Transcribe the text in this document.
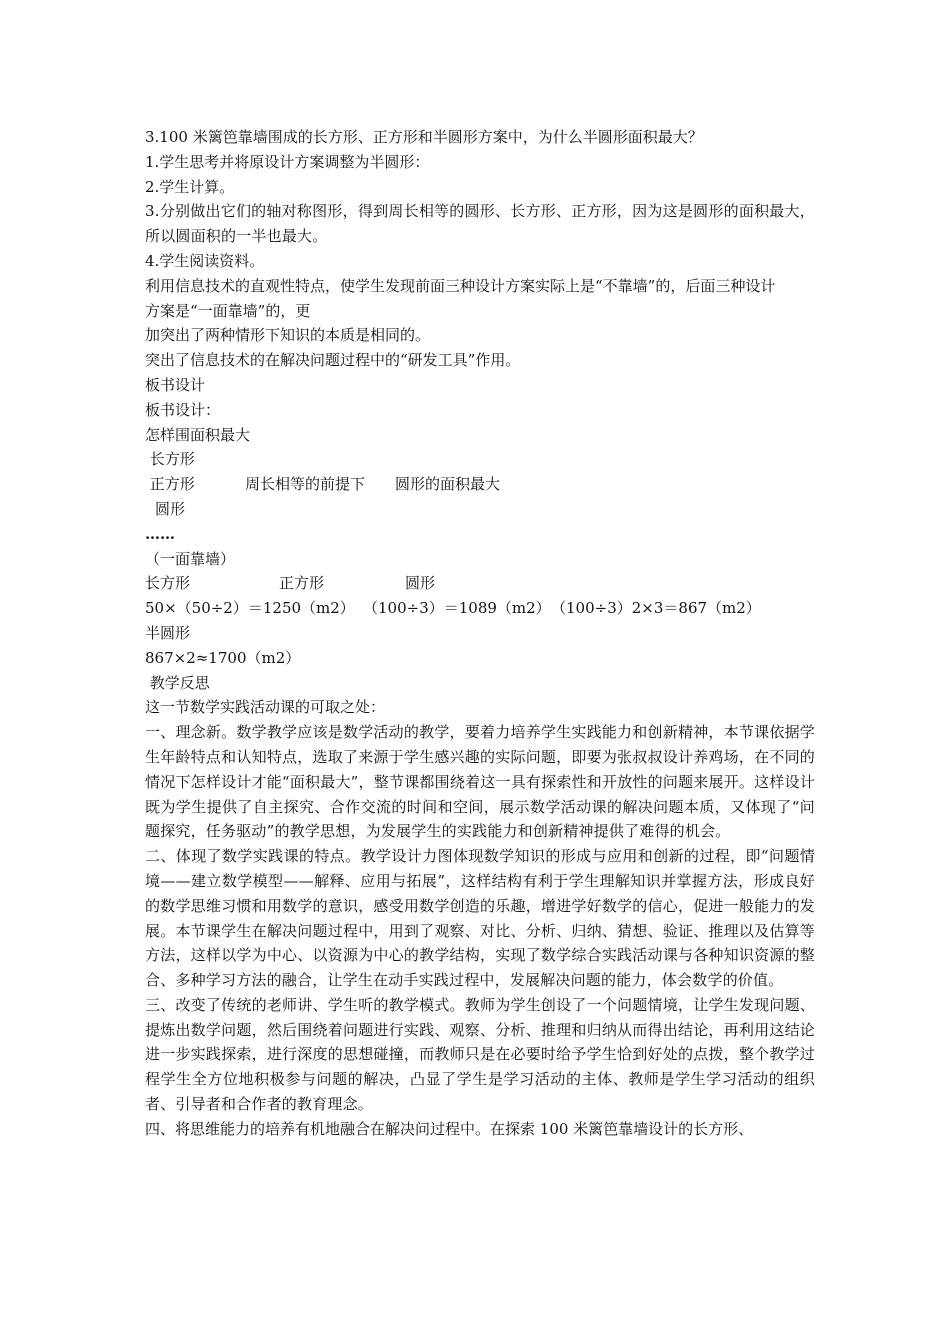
3.100 米篱笆靠墙围成的长方形、正方形和半圆形方案中，为什么半圆形面积最大？

1.学生思考并将原设计方案调整为半圆形：

2.学生计算。

3.分别做出它们的轴对称图形，得到周长相等的圆形、长方形、正方形，因为这是圆形的面积最大，所以圆面积的一半也最大。

4.学生阅读资料。

利用信息技术的直观性特点，使学生发现前面三种设计方案实际上是“不靠墙”的，后面三种设计

方案是“一面靠墙”的，更

加突出了两种情形下知识的本质是相同的。

突出了信息技术的在解决问题过程中的“研发工具”作用。

板书设计

板书设计：

怎样围面积最大

长方形

正方形	周长相等的前提下 圆形的面积最大

圆形

……

（一面靠墙）

长方形	正方形	圆形

50×（50÷2）＝1250（m2） （100÷3）＝1089（m2）（100÷3）2×3＝867（m2）

半圆形

867×2≈1700（m2）

教学反思

这一节数学实践活动课的可取之处：

一、理念新。数学教学应该是数学活动的教学，要着力培养学生实践能力和创新精神，本节课依据学生年龄特点和认知特点，选取了来源于学生感兴趣的实际问题，即要为张叔叔设计养鸡场，在不同的情况下怎样设计才能“面积最大”，整节课都围绕着这一具有探索性和开放性的问题来展开。这样设计既为学生提供了自主探究、合作交流的时间和空间，展示数学活动课的解决问题本质，又体现了“问题探究，任务驱动”的教学思想，为发展学生的实践能力和创新精神提供了难得的机会。

二、体现了数学实践课的特点。教学设计力图体现数学知识的形成与应用和创新的过程，即“问题情境——建立数学模型——解释、应用与拓展”，这样结构有利于学生理解知识并掌握方法，形成良好的数学思维习惯和用数学的意识，感受用数学创造的乐趣，增进学好数学的信心，促进一般能力的发展。本节课学生在解决问题过程中，用到了观察、对比、分析、归纳、猜想、验证、推理以及估算等方法，这样以学为中心、以资源为中心的教学结构，实现了数学综合实践活动课与各种知识资源的整合、多种学习方法的融合，让学生在动手实践过程中，发展解决问题的能力，体会数学的价值。

三、改变了传统的老师讲、学生听的教学模式。教师为学生创设了一个问题情境，让学生发现问题、提炼出数学问题，然后围绕着问题进行实践、观察、分析、推理和归纳从而得出结论，再利用这结论进一步实践探索，进行深度的思想碰撞，而教师只是在必要时给予学生恰到好处的点拨，整个教学过程学生全方位地积极参与问题的解决，凸显了学生是学习活动的主体、教师是学生学习活动的组织者、引导者和合作者的教育理念。

四、将思维能力的培养有机地融合在解决问过程中。在探索 100 米篱笆靠墙设计的长方形、
